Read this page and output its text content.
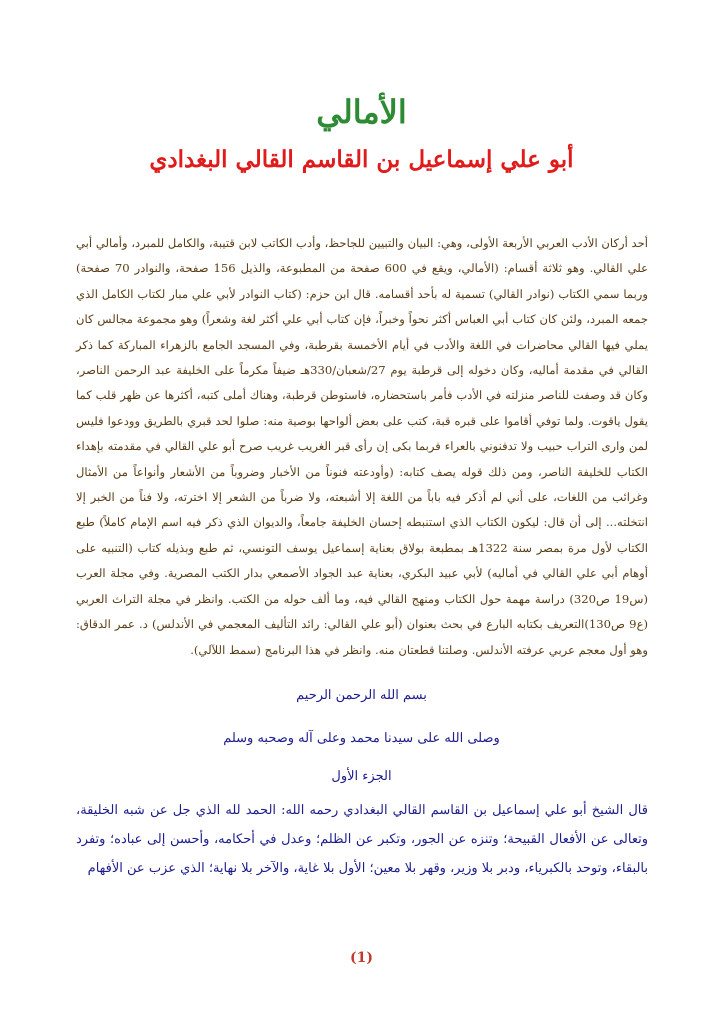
الأمالي
أبو علي إسماعيل بن القاسم القالي البغدادي

أحد أركان الأدب العربي الأربعة الأولى، وهي: البيان والتبيين للجاحظ، وأدب الكاتب لابن قتيبة، والكامل للمبرد، وأمالي أبي علي القالي. وهو ثلاثة أقسام: (الأمالي، ويقع في 600 صفحة من المطبوعة، والذيل 156 صفحة، والنوادر 70 صفحة) وربما سمي الكتاب (نوادر القالي) تسمية له بأحد أقسامه. قال ابن حزم: (كتاب النوادر لأبي علي مبار لكتاب الكامل الذي جمعه المبرد، ولئن كان كتاب أبي العباس أكثر نحواً وخبراً، فإن كتاب أبي علي أكثر لغة وشعراً) وهو مجموعة مجالس كان يملي فيها القالي محاضرات في اللغة والأدب في أيام الأخمسة بقرطبة، وفي المسجد الجامع بالزهراء المباركة كما ذكر القالي في مقدمة أماليه، وكان دخوله إلى قرطبة يوم 27/شعبان/330هـ ضيفاً مكرماً على الخليفة عبد الرحمن الناصر، وكان قد وصفت للناصر منزلته في الأدب فأمر باستحضاره، فاستوطن قرطبة، وهناك أملى كتبه، أكثرها عن ظهر قلب كما يقول ياقوت. ولما توفي أقاموا على قبره قبة، كتب على بعض ألواحها بوصية منه: صلوا لحد قبري بالطريق وودعوا فليس لمن وارى التراب حبيب ولا تدفنوني بالعراء فربما بكى إن رأى قبر الغريب غريب صرح أبو علي القالي في مقدمته بإهداء الكتاب للخليفة الناصر، ومن ذلك قوله يصف كتابه: (وأودعته فنوناً من الأخبار وضروباً من الأشعار وأنواعاً من الأمثال وغرائب من اللغات، على أني لم أذكر فيه باباً من اللغة إلا أشبعته، ولا ضرباً من الشعر إلا اخترته، ولا فناً من الخبر إلا انتخلته... إلى أن قال: ليكون الكتاب الذي استنبطه إحسان الخليفة جامعاً، والديوان الذي ذكر فيه اسم الإمام كاملاً) طبع الكتاب لأول مرة بمصر سنة 1322هـ بمطبعة بولاق بعناية إسماعيل يوسف التونسي، ثم طبع وبذيله كتاب (التنبيه على أوهام أبي علي القالي في أماليه) لأبي عبيد البكري، بعناية عبد الجواد الأصمعي بدار الكتب المصرية. وفي مجلة العرب (س19 ص320) دراسة مهمة حول الكتاب ومنهج القالي فيه، وما ألف حوله من الكتب. وانظر في مجلة التراث العربي (ع9 ص130)التعريف بكتابه البارع في بحث بعنوان (أبو علي القالي: رائد التأليف المعجمي في الأندلس) د. عمر الدقاق: وهو أول معجم عربي عرفته الأندلس. وصلتنا قطعتان منه. وانظر في هذا البرنامج (سمط اللآلي).

بسم الله الرحمن الرحيم

وصلى الله على سيدنا محمد وعلى آله وصحبه وسلم

الجزء الأول

قال الشيخ أبو علي إسماعيل بن القاسم القالي البغدادي رحمه الله: الحمد لله الذي جل عن شبه الخليقة، وتعالى عن الأفعال القبيحة؛ وتنزه عن الجور، وتكبر عن الظلم؛ وعدل في أحكامه، وأحسن إلى عباده؛ وتفرد بالبقاء، وتوحد بالكبرياء، ودبر بلا وزير، وقهر بلا معين؛ الأول بلا غاية، والآخر بلا نهاية؛ الذي عزب عن الأفهام

(1)
